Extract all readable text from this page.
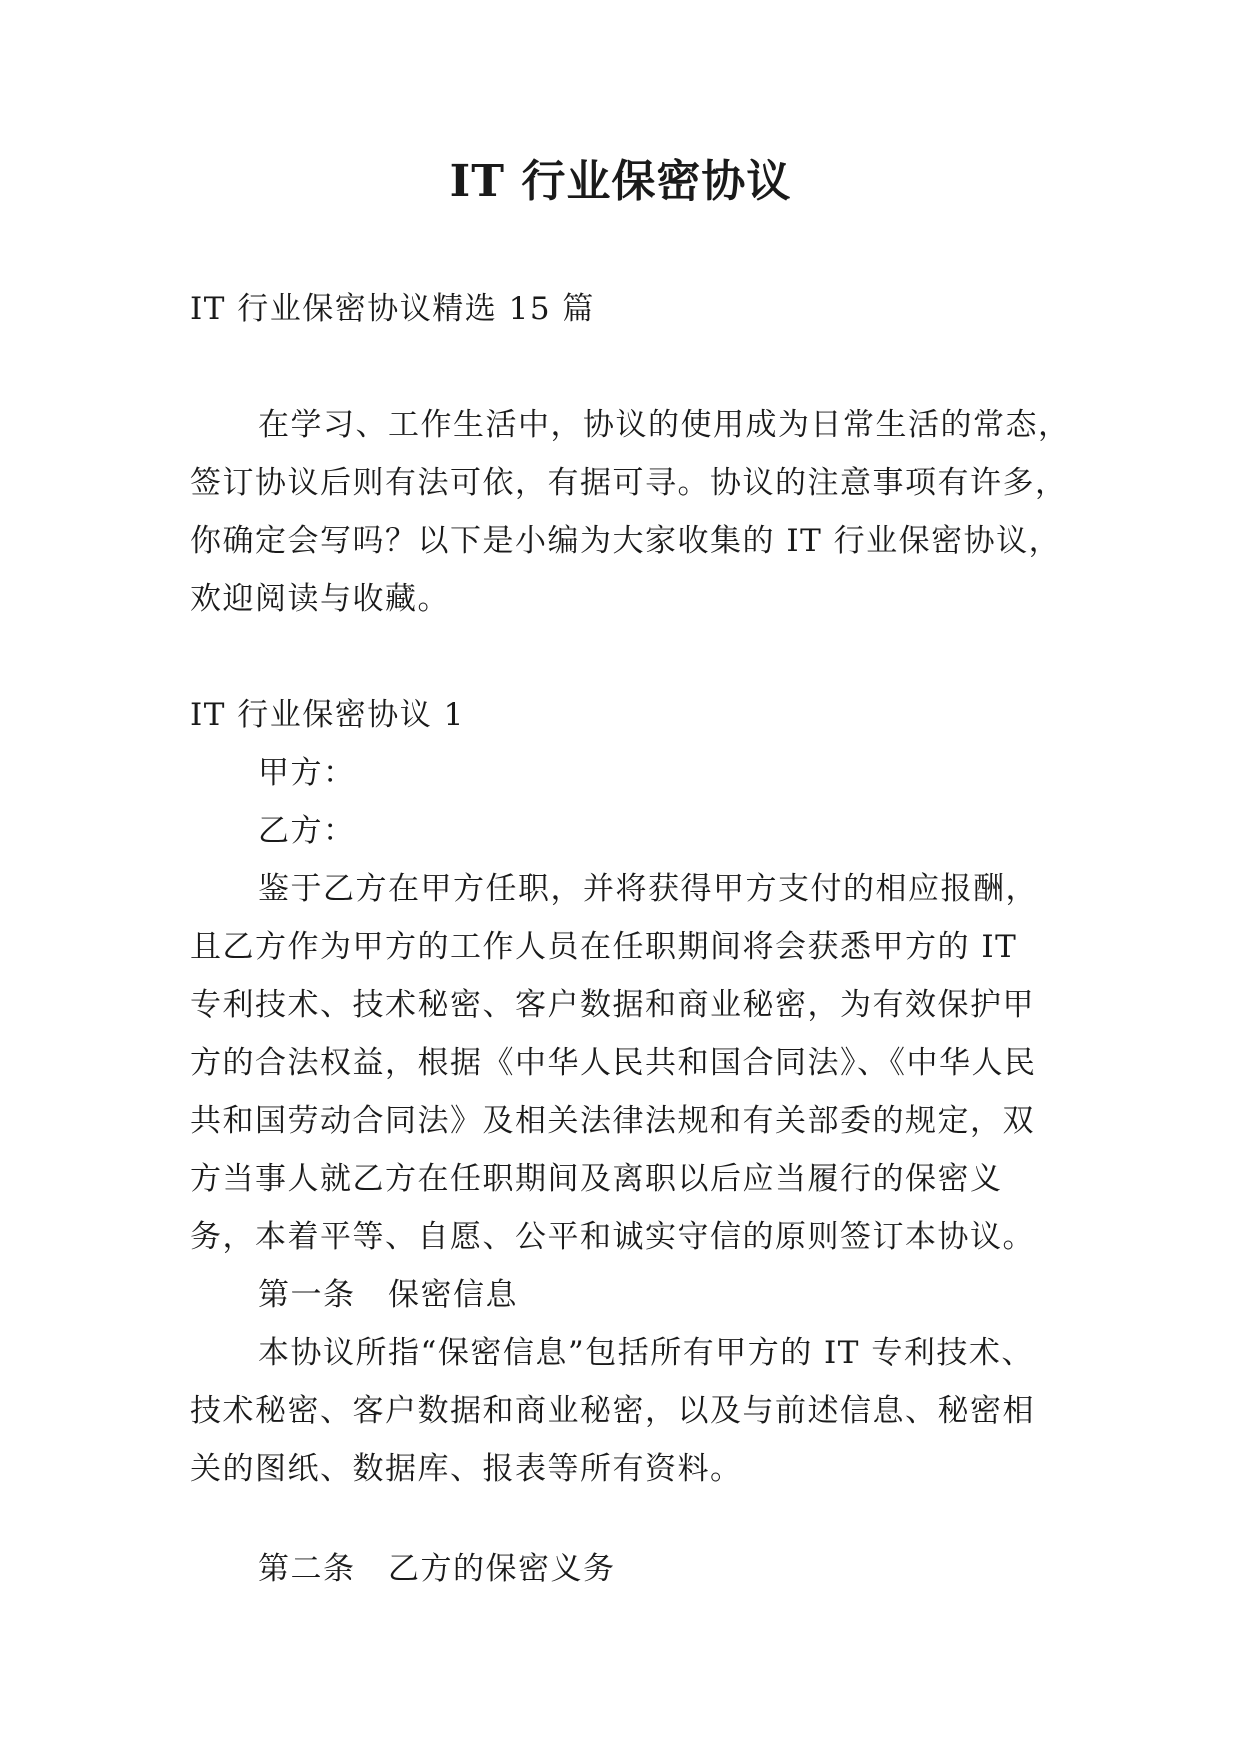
IT 行业保密协议
IT 行业保密协议精选 15 篇
在学习、工作生活中，协议的使用成为日常生活的常态，
签订协议后则有法可依，有据可寻。协议的注意事项有许多，
你确定会写吗？以下是小编为大家收集的 IT 行业保密协议，
欢迎阅读与收藏。
IT 行业保密协议 1
甲方：
乙方：
鉴于乙方在甲方任职，并将获得甲方支付的相应报酬，
且乙方作为甲方的工作人员在任职期间将会获悉甲方的 IT
专利技术、技术秘密、客户数据和商业秘密，为有效保护甲
方的合法权益，根据《中华人民共和国合同法》、《中华人民
共和国劳动合同法》及相关法律法规和有关部委的规定，双
方当事人就乙方在任职期间及离职以后应当履行的保密义
务，本着平等、自愿、公平和诚实守信的原则签订本协议。
第一条　保密信息
本协议所指“保密信息”包括所有甲方的 IT 专利技术、
技术秘密、客户数据和商业秘密，以及与前述信息、秘密相
关的图纸、数据库、报表等所有资料。
第二条　乙方的保密义务
